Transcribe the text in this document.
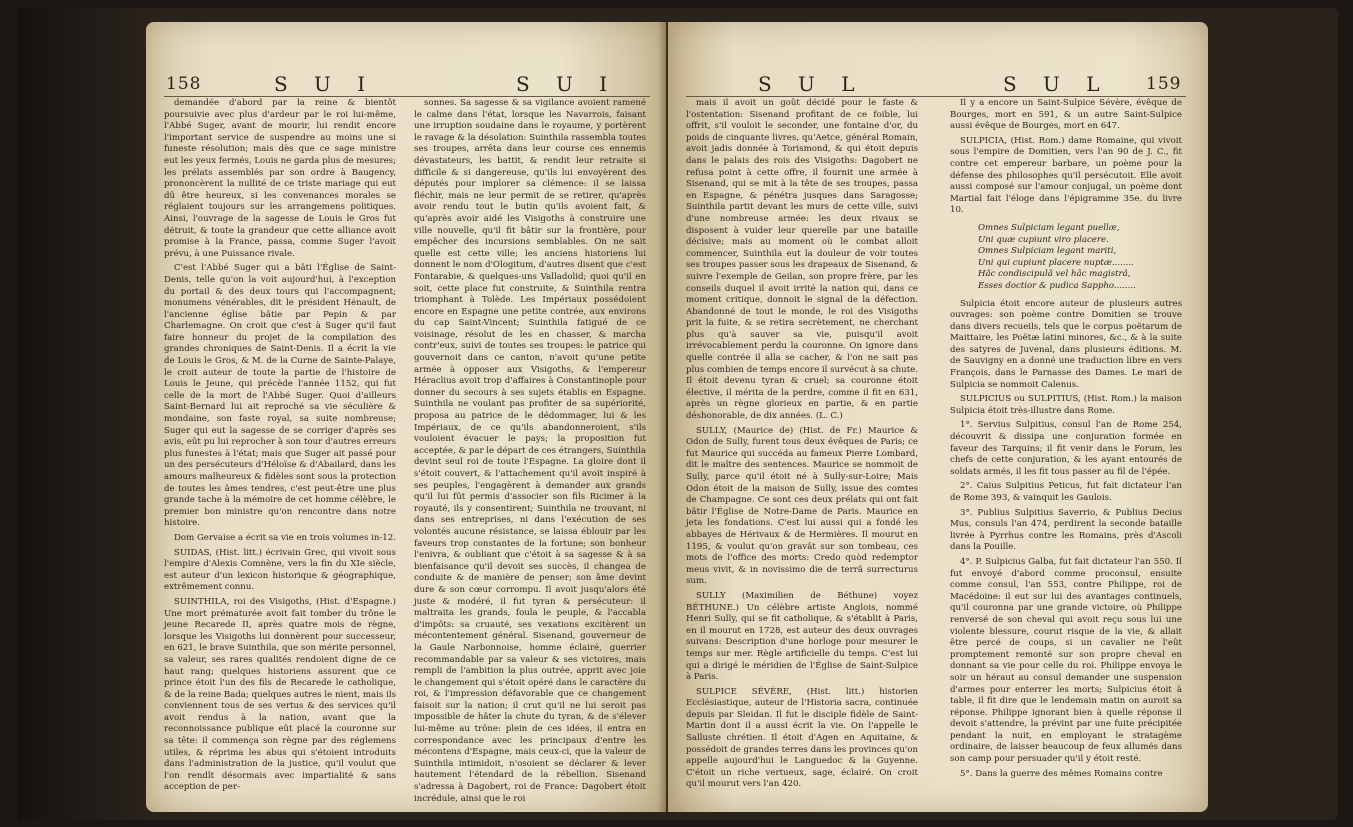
158	S U I	S U I

demandée d'abord par la reine & bientôt poursuivie avec plus d'ardeur par le roi lui-même, l'Abbé Suger, avant de mourir, lui rendit encore l'important service de suspendre au moins une si funeste résolution; mais dès que ce sage ministre eut les yeux fermés, Louis ne garda plus de mesures; les prélats assemblés par son ordre à Baugency, prononcèrent la nullité de ce triste mariage qui eut dû être heureux, si les convenances morales se réglaient toujours sur les arrangemens politiques. Ainsi, l'ouvrage de la sagesse de Louis le Gros fut détruit, & toute la grandeur que cette alliance avoit promise à la France, passa, comme Suger l'avoit prévu, à une Puissance rivale.

C'est l'Abbé Suger qui a bâti l'Église de Saint-Denis, telle qu'on la voit aujourd'hui, à l'exception du portail & des deux tours qui l'accompagnent; monumens vénérables, dit le président Hénault, de l'ancienne église bâtie par Pepin & par Charlemagne. On croit que c'est à Suger qu'il faut faire honneur du projet de la compilation des grandes chroniques de Saint-Denis. Il a écrit la vie de Louis le Gros, & M. de la Curne de Sainte-Palaye, le croit auteur de toute la partie de l'histoire de Louis le Jeune, qui précède l'année 1152, qui fut celle de la mort de l'Abbé Suger. Quoi d'ailleurs Saint-Bernard lui ait reproché sa vie séculière & mondaine, son faste royal, sa suite nombreuse; Suger qui eut la sagesse de se corriger d'après ses avis, eût pu lui reprocher à son tour d'autres erreurs plus funestes à l'état; mais que Suger ait passé pour un des persécuteurs d'Héloïse & d'Abailard, dans les amours malheureux & fidèles sont sous la protection de toutes les âmes tendres, c'est peut-être une plus grande tache à la mémoire de cet homme célèbre, le premier bon ministre qu'on rencontre dans notre histoire.

Dom Gervaise a écrit sa vie en trois volumes in-12.

SUIDAS, (Hist. litt.) écrivain Grec, qui vivoit sous l'empire d'Alexis Comnène, vers la fin du XIe siècle, est auteur d'un lexicon historique & géographique, extrêmement connu.

SUINTHILA, roi des Visigoths, (Hist. d'Espagne.) Une mort prématurée avoit fait tomber du trône le jeune Recarede II, après quatre mois de règne, lorsque les Visigoths lui donnèrent pour successeur, en 621, le brave Suinthila, que son mérite personnel, sa valeur, ses rares qualités rendoient digne de ce haut rang; quelques historiens assurent que ce prince étoit l'un des fils de Recarede le catholique, & de la reine Bada; quelques autres le nient, mais ils conviennent tous de ses vertus & des services qu'il avoit rendus à la nation, avant que la reconnoissance publique eût placé la couronne sur sa tête: il commença son règne par des réglemens utiles, & réprima les abus qui s'étoient introduits dans l'administration de la justice, qu'il voulut que l'on rendît désormais avec impartialité & sans acception de per-

sonnes. Sa sagesse & sa vigilance avoient ramené le calme dans l'état, lorsque les Navarrois, faisant une irruption soudaine dans le royaume, y portèrent le ravage & la désolation: Suinthila rassembla toutes ses troupes, arrêta dans leur course ces ennemis dévastateurs, les battit, & rendit leur retraite si difficile & si dangereuse, qu'ils lui envoyèrent des députés pour implorer sa clémence: il se laissa fléchir, mais ne leur permit de se retirer, qu'après avoir rendu tout le butin qu'ils avoient fait, & qu'après avoir aidé les Visigoths à construire une ville nouvelle, qu'il fit bâtir sur la frontière, pour empêcher des incursions semblables. On ne sait quelle est cette ville; les anciens historiens lui donnent le nom d'Ologitum, d'autres disent que c'est Fontarabie, & quelques-uns Valladolid; quoi qu'il en soit, cette place fut construite, & Suinthila rentra triomphant à Tolède. Les Impériaux possédoient encore en Espagne une petite contrée, aux environs du cap Saint-Vincent; Suinthila fatigué de ce voisinage, résolut de les en chasser, & marcha contr'eux, suivi de toutes ses troupes: le patrice qui gouvernoit dans ce canton, n'avoit qu'une petite armée à opposer aux Visigoths, & l'empereur Héraclius avoit trop d'affaires à Constantinople pour donner du secours à ses sujets établis en Espagne. Suinthila ne voulant pas profiter de sa supériorité, proposa au patrice de le dédommager, lui & les Impériaux, de ce qu'ils abandonneroient, s'ils vouloient évacuer le pays; la proposition fut acceptée, & par le départ de ces étrangers, Suinthila devint seul roi de toute l'Espagne. La gloire dont il s'étoit couvert, & l'attachement qu'il avoit inspiré à ses peuples, l'engagèrent à demander aux grands qu'il lui fût permis d'associer son fils Ricimer à la royauté, ils y consentirent; Suinthila ne trouvant, ni dans ses entreprises, ni dans l'exécution de ses volontés aucune résistance, se laissa éblouir par les faveurs trop constantes de la fortune; son bonheur l'enivra, & oubliant que c'étoit à sa sagesse & à sa bienfaisance qu'il devoit ses succès, il changea de conduite & de manière de penser; son âme devint dure & son cœur corrompu. Il avoit jusqu'alors été juste & modéré, il fut tyran & persécuteur: il maltraita les grands, foula le peuple, & l'accabla d'impôts: sa cruauté, ses vexations excitèrent un mécontentement général. Sisenand, gouverneur de la Gaule Narbonnoise, homme éclairé, guerrier recommandable par sa valeur & ses victoires, mais rempli de l'ambition la plus outrée, apprit avec joie le changement qui s'étoit opéré dans le caractère du roi, & l'impression défavorable que ce changement faisoit sur la nation; il crut qu'il ne lui seroit pas impossible de hâter la chute du tyran, & de s'élever lui-même au trône: plein de ces idées, il entra en correspondance avec les principaux d'entre les mécontens d'Espagne, mais ceux-ci, que la valeur de Suinthila intimidoit, n'osoient se déclarer & lever hautement l'étendard de la rébellion. Sisenand s'adressa à Dagobert, roi de France: Dagobert étoit incrédule, ainsi que le roi

S U L	S U L 159

mais il avoit un goût décidé pour le faste & l'ostentation: Sisenand profitant de ce foible, lui offrit, s'il vouloit le seconder, une fontaine d'or, du poids de cinquante livres, qu'Aetce, général Romain, avoit jadis donnée à Torismond, & qui étoit depuis dans le palais des rois des Visigoths: Dagobert ne refusa point à cette offre, il fournit une armée à Sisenand, qui se mit à la tête de ses troupes, passa en Espagne, & pénétra jusques dans Saragosse; Suinthila partit devant les murs de cette ville, suivi d'une nombreuse armée: les deux rivaux se disposent à vuider leur querelle par une bataille décisive; mais au moment où le combat alloit commencer, Suinthila eut la douleur de voir toutes ses troupes passer sous les drapeaux de Sisenand, & suivre l'exemple de Geilan, son propre frère, par les conseils duquel il avoit irrité la nation qui, dans ce moment critique, donnoit le signal de la défection. Abandonné de tout le monde, le roi des Visigoths prit la fuite, & se retira secrètement, ne cherchant plus qu'à sauver sa vie, puisqu'il avoit irrévocablement perdu la couronne. On ignore dans quelle contrée il alla se cacher, & l'on ne sait pas plus combien de temps encore il survécut à sa chute. Il étoit devenu tyran & cruel; sa couronne étoit élective, il mérita de la perdre, comme il fit en 631, après un règne glorieux en partie, & en partie déshonorable, de dix années. (L. C.)

SULLY, (Maurice de) (Hist. de Fr.) Maurice & Odon de Sully, furent tous deux évêques de Paris; ce fut Maurice qui succéda au fameux Pierre Lombard, dit le maître des sentences. Maurice se nommoit de Sully, parce qu'il étoit né à Sully-sur-Loire; Mais Odon étoit de la maison de Sully, issue des comtes de Champagne. Ce sont ces deux prélats qui ont fait bâtir l'Église de Notre-Dame de Paris. Maurice en jeta les fondations. C'est lui aussi qui a fondé les abbayes de Hérivaux & de Hermières. Il mourut en 1195, & voulut qu'on gravât sur son tombeau, ces mots de l'office des morts: Credo quòd redemptor meus vivit, & in novissimo die de terrâ surrecturus sum.

SULLY (Maximilien de Béthune) voyez BÉTHUNE.) Un célèbre artiste Anglois, nommé Henri Sully, qui se fit catholique, & s'établit à Paris, en il mourut en 1728, est auteur des deux ouvrages suivans: Description d'une horloge pour mesurer le temps sur mer. Règle artificielle du temps. C'est lui qui a dirigé le méridien de l'Église de Saint-Sulpice à Paris.

SULPICE SÉVÈRE, (Hist. litt.) historien Ecclésiastique, auteur de l'Historia sacra, continuée depuis par Sleidan. Il fut le disciple fidèle de Saint-Martin dont il a aussi écrit la vie. On l'appelle le Salluste chrétien. Il étoit d'Agen en Aquitaine, & possédoit de grandes terres dans les provinces qu'on appelle aujourd'hui le Languedoc & la Guyenne. C'étoit un riche vertueux, sage, éclairé. On croit qu'il mourut vers l'an 420.

Il y a encore un Saint-Sulpice Sévère, évêque de Bourges, mort en 591, & un autre Saint-Sulpice aussi évêque de Bourges, mort en 647.

SULPICIA, (Hist. Rom.) dame Romaine, qui vivoit sous l'empire de Domitien, vers l'an 90 de J. C., fit contre cet empereur barbare, un poème pour la défense des philosophes qu'il persécutoit. Elle avoit aussi composé sur l'amour conjugal, un poème dont Martial fait l'éloge dans l'épigramme 35e. du livre 10.

Omnes Sulpiciam legant puellæ,
Uni quæ cupiunt viro placere.
Omnes Sulpiciam legant mariti,
Uni qui cupiunt placere nuptæ........
Hâc condiscipulâ vel hâc magistrâ,
Esses doctior & pudica Sappho........

Sulpicia étoit encore auteur de plusieurs autres ouvrages: son poème contre Domitien se trouve dans divers recueils, tels que le corpus poëtarum de Maittaire, les Poëtæ latini minores, &c., & à la suite des satyres de Juvenal, dans plusieurs éditions. M. de Sauvigny en a donné une traduction libre en vers François, dans le Parnasse des Dames. Le mari de Sulpicia se nommoit Calenus.

SULPICIUS ou SULPITIUS, (Hist. Rom.) la maison Sulpicia étoit très-illustre dans Rome.

1°. Servius Sulpitius, consul l'an de Rome 254, découvrit & dissipa une conjuration formée en faveur des Tarquins; il fit venir dans le Forum, les chefs de cette conjuration, & les ayant entourés de soldats armés, il les fit tous passer au fil de l'épée.

2°. Caius Sulpitius Peticus, fut fait dictateur l'an de Rome 393, & vainquit les Gaulois.

3°. Publius Sulpitius Saverrio, & Publius Decius Mus, consuls l'an 474, perdirent la seconde bataille livrée à Pyrrhus contre les Romains, près d'Ascoli dans la Pouille.

4°. P. Sulpicius Galba, fut fait dictateur l'an 550. Il fut envoyé d'abord comme proconsul, ensuite comme consul, l'an 553, contre Philippe, roi de Macédoine: il eut sur lui des avantages continuels, qu'il couronna par une grande victoire, où Philippe renversé de son cheval qui avoit reçu sous lui une violente blessure, courut risque de la vie, & allait être percé de coups, si un cavalier ne l'eût promptement remonté sur son propre cheval en donnant sa vie pour celle du roi. Philippe envoya le soir un héraut au consul demander une suspension d'armes pour enterrer les morts; Sulpicius étoit à table, il fit dire que le lendemain matin on auroit sa réponse. Philippe ignorant bien à quelle réponse il devoit s'attendre, la prévint par une fuite précipitée pendant la nuit, en employant le stratagème ordinaire, de laisser beaucoup de feux allumés dans son camp pour persuader qu'il y étoit resté.

5°. Dans la guerre des mêmes Romains contre
